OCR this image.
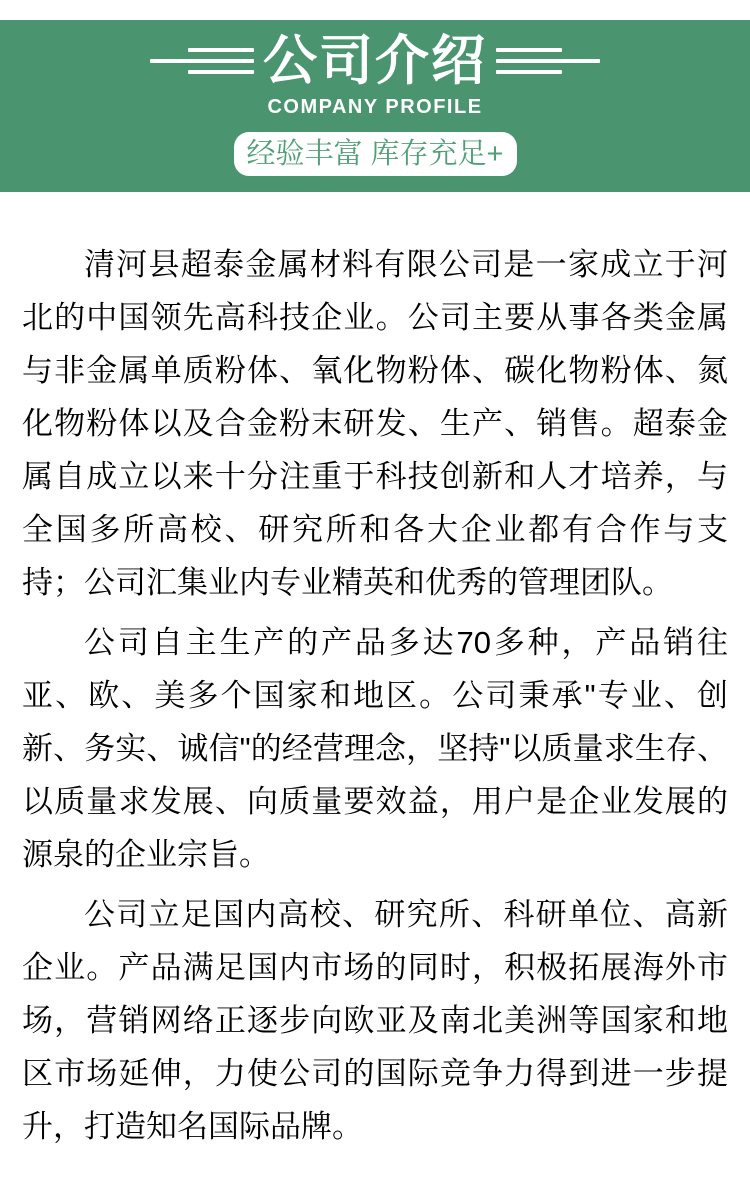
公司介绍
COMPANY PROFILE
经验丰富 库存充足+

清河县超泰金属材料有限公司是一家成立于河北的中国领先高科技企业。公司主要从事各类金属与非金属单质粉体、氧化物粉体、碳化物粉体、氮化物粉体以及合金粉末研发、生产、销售。超泰金属自成立以来十分注重于科技创新和人才培养，与全国多所高校、研究所和各大企业都有合作与支持；公司汇集业内专业精英和优秀的管理团队。

公司自主生产的产品多达70多种，产品销往亚、欧、美多个国家和地区。公司秉承"专业、创新、务实、诚信"的经营理念，坚持"以质量求生存、以质量求发展、向质量要效益，用户是企业发展的源泉的企业宗旨。

公司立足国内高校、研究所、科研单位、高新企业。产品满足国内市场的同时，积极拓展海外市场，营销网络正逐步向欧亚及南北美洲等国家和地区市场延伸，力使公司的国际竞争力得到进一步提升，打造知名国际品牌。
